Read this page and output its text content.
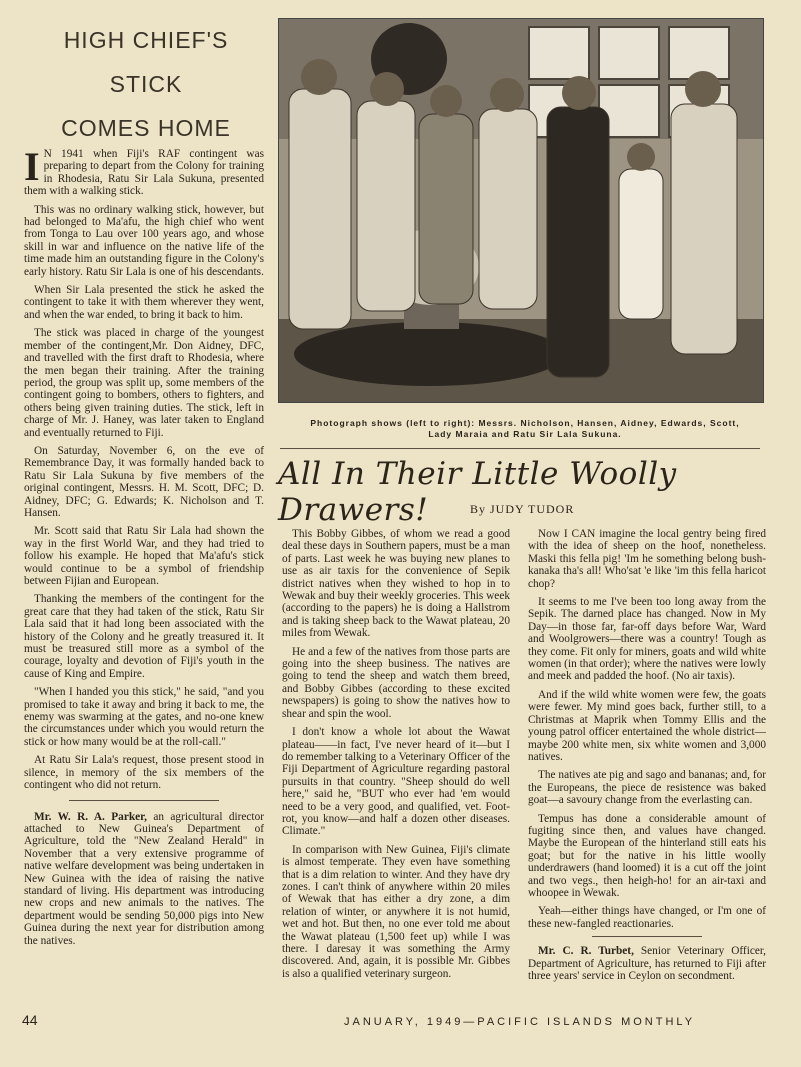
HIGH CHIEF'S
STICK
COMES HOME

I N 1941 when Fiji's RAF contingent was preparing to depart from the Colony for training in Rhodesia, Ratu Sir Lala Sukuna, presented them with a walking stick.

This was no ordinary walking stick, however, but had belonged to Ma'afu, the high chief who went from Tonga to Lau over 100 years ago, and whose skill in war and influence on the native life of the time made him an outstanding figure in the Colony's early history. Ratu Sir Lala is one of his descendants.

When Sir Lala presented the stick he asked the contingent to take it with them wherever they went, and when the war ended, to bring it back to him.

The stick was placed in charge of the youngest member of the contingent,Mr. Don Aidney, DFC, and travelled with the first draft to Rhodesia, where the men began their training. After the training period, the group was split up, some members of the contingent going to bombers, others to fighters, and others being given training duties. The stick, left in charge of Mr. J. Haney, was later taken to England and eventually returned to Fiji.

On Saturday, November 6, on the eve of Remembrance Day, it was formally handed back to Ratu Sir Lala Sukuna by five members of the original contingent, Messrs. H. M. Scott, DFC; D. Aidney, DFC; G. Edwards; K. Nicholson and T. Hansen.

Mr. Scott said that Ratu Sir Lala had shown the way in the first World War, and they had tried to follow his example. He hoped that Ma'afu's stick would continue to be a symbol of friendship between Fijian and European.

Thanking the members of the contingent for the great care that they had taken of the stick, Ratu Sir Lala said that it had long been associated with the history of the Colony and he greatly treasured it. It must be treasured still more as a symbol of the courage, loyalty and devotion of Fiji's youth in the cause of King and Empire.

"When I handed you this stick," he said, "and you promised to take it away and bring it back to me, the enemy was swarming at the gates, and no-one knew the circumstances under which you would return the stick or how many would be at the roll-call."

At Ratu Sir Lala's request, those present stood in silence, in memory of the six members of the contingent who did not return.

Mr. W. R. A. Parker, an agricultural director attached to New Guinea's Department of Agriculture, told the "New Zealand Herald" in November that a very extensive programme of native welfare development was being undertaken in New Guinea with the idea of raising the native standard of living. His department was introducing new crops and new animals to the natives. The department would be sending 50,000 pigs into New Guinea during the next year for distribution among the natives.

Photograph shows (left to right): Messrs. Nicholson, Hansen, Aidney, Edwards, Scott, Lady Maraia and Ratu Sir Lala Sukuna.
All In Their Little Woolly Drawers!	By JUDY TUDOR

This Bobby Gibbes, of whom we read a good deal these days in Southern papers, must be a man of parts. Last week he was buying new planes to use as air taxis for the convenience of Sepik district natives when they wished to hop in to Wewak and buy their weekly groceries. This week (according to the papers) he is doing a Hallstrom and is taking sheep back to the Wawat plateau, 20 miles from Wewak.

He and a few of the natives from those parts are going into the sheep business. The natives are going to tend the sheep and watch them breed, and Bobby Gibbes (according to these excited newspapers) is going to show the natives how to shear and spin the wool.

I don't know a whole lot about the Wawat plateau——in fact, I've never heard of it—but I do remember talking to a Veterinary Officer of the Fiji Department of Agriculture regarding pastoral pursuits in that country. "Sheep should do well here," said he, "BUT who ever had 'em would need to be a very good, and qualified, vet. Foot-rot, you know—and half a dozen other diseases. Climate."

In comparison with New Guinea, Fiji's climate is almost temperate. They even have something that is a dim relation to winter. And they have dry zones. I can't think of anywhere within 20 miles of Wewak that has either a dry zone, a dim relation of winter, or anywhere it is not humid, wet and hot. But then, no one ever told me about the Wawat plateau (1,500 feet up) while I was there. I daresay it was something the Army discovered. And, again, it is possible Mr. Gibbes is also a qualified veterinary surgeon.

Now I CAN imagine the local gentry being fired with the idea of sheep on the hoof, nonetheless. Maski this fella pig! 'Im he something belong bush-kanaka tha's all! Who'sat 'e like 'im this fella haricot chop?

It seems to me I've been too long away from the Sepik. The darned place has changed. Now in My Day—in those far, far-off days before War, Ward and Woolgrowers—there was a country! Tough as they come. Fit only for miners, goats and wild white women (in that order); where the natives were lowly and meek and padded the hoof. (No air taxis).

And if the wild white women were few, the goats were fewer. My mind goes back, further still, to a Christmas at Maprik when Tommy Ellis and the young patrol officer entertained the whole district—maybe 200 white men, six white women and 3,000 natives.

The natives ate pig and sago and bananas; and, for the Europeans, the piece de resistence was baked goat—a savoury change from the everlasting can.

Tempus has done a considerable amount of fugiting since then, and values have changed. Maybe the European of the hinterland still eats his goat; but for the native in his little woolly underdrawers (hand loomed) it is a cut off the joint and two vegs., then heigh-ho! for an air-taxi and whoopee in Wewak.

Yeah—either things have changed, or I'm one of these new-fangled reactionaries.

Mr. C. R. Turbet, Senior Veterinary Officer, Department of Agriculture, has returned to Fiji after three years' service in Ceylon on secondment.

44	JANUARY, 1949—PACIFIC ISLANDS MONTHLY
